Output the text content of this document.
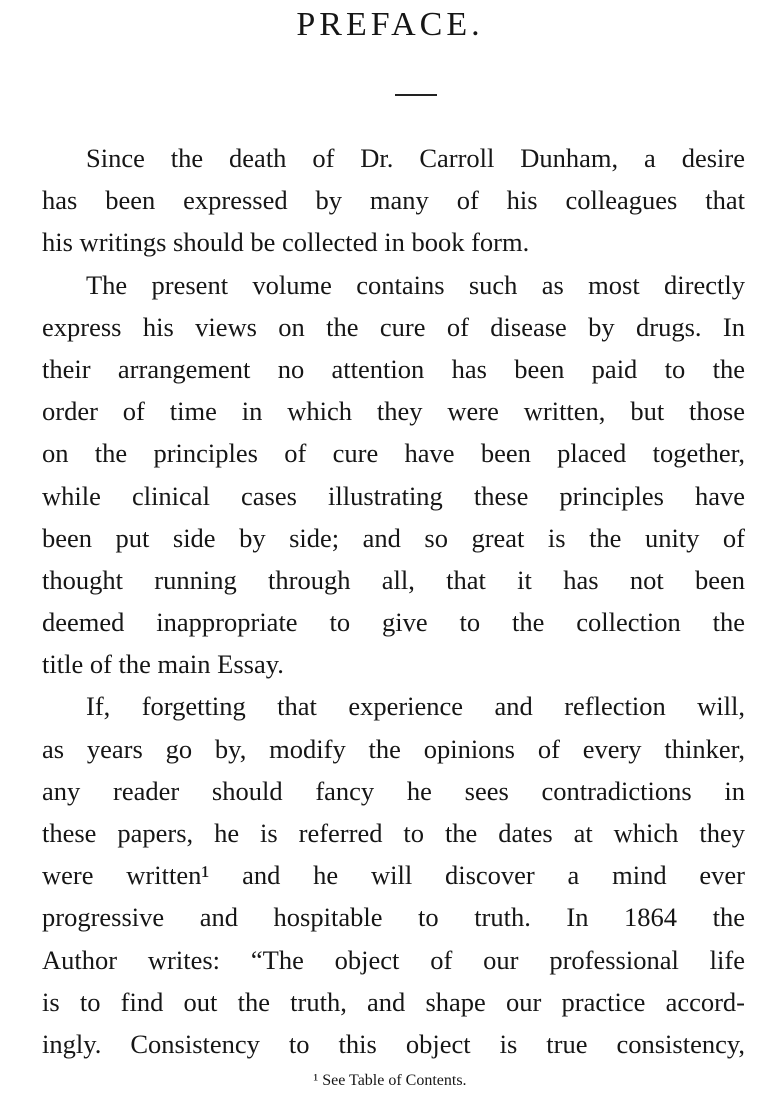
PREFACE.
Since the death of Dr. Carroll Dunham, a desire
has been expressed by many of his colleagues that
his writings should be collected in book form.
The present volume contains such as most directly
express his views on the cure of disease by drugs. In
their arrangement no attention has been paid to the
order of time in which they were written, but those
on the principles of cure have been placed together,
while clinical cases illustrating these principles have
been put side by side; and so great is the unity of
thought running through all, that it has not been
deemed inappropriate to give to the collection the
title of the main Essay.
If, forgetting that experience and reflection will,
as years go by, modify the opinions of every thinker,
any reader should fancy he sees contradictions in
these papers, he is referred to the dates at which they
were written¹ and he will discover a mind ever
progressive and hospitable to truth. In 1864 the
Author writes: “The object of our professional life
is to find out the truth, and shape our practice accord-
ingly. Consistency to this object is true consistency,
¹ See Table of Contents.
